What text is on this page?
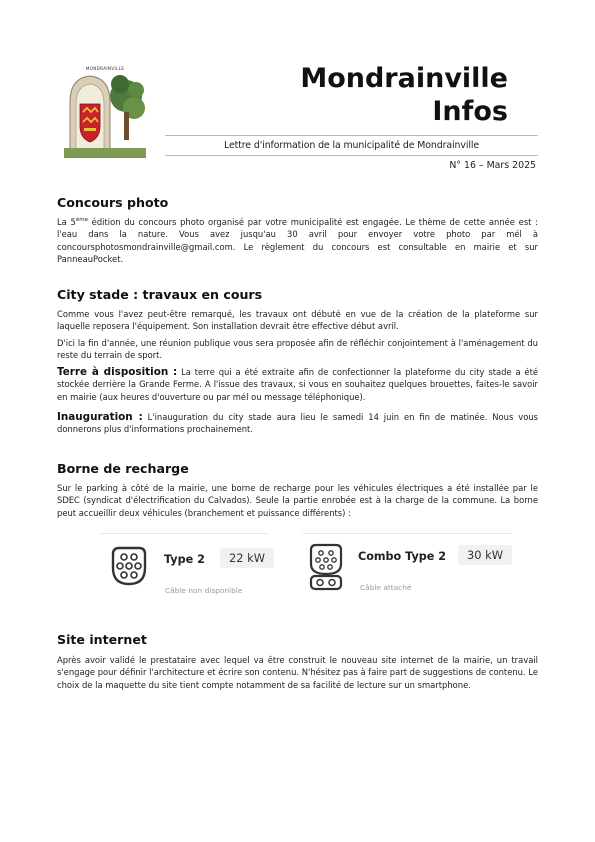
MONDRAINVILLE	Mondrainville
Infos
Lettre d'information de la municipalité de Mondrainville
N° 16 – Mars 2025
Concours photo

La 5ème édition du concours photo organisé par votre municipalité est engagée. Le thème de cette année est : l'eau dans la nature. Vous avez jusqu'au 30 avril pour envoyer votre photo par mél à concoursphotosmondrainville@gmail.com. Le règlement du concours est consultable en mairie et sur PanneauPocket.

City stade : travaux en cours

Comme vous l'avez peut-être remarqué, les travaux ont débuté en vue de la création de la plateforme sur laquelle reposera l'équipement. Son installation devrait être effective début avril.

D'ici la fin d'année, une réunion publique vous sera proposée afin de réfléchir conjointement à l'aménagement du reste du terrain de sport.

Terre à disposition : La terre qui a été extraite afin de confectionner la plateforme du city stade a été stockée derrière la Grande Ferme. A l'issue des travaux, si vous en souhaitez quelques brouettes, faites-le savoir en mairie (aux heures d'ouverture ou par mél ou message téléphonique).

Inauguration : L'inauguration du city stade aura lieu le samedi 14 juin en fin de matinée. Nous vous donnerons plus d'informations prochainement.

Borne de recharge

Sur le parking à côté de la mairie, une borne de recharge pour les véhicules électriques a été installée par le SDEC (syndicat d'électrification du Calvados). Seule la partie enrobée est à la charge de la commune. La borne peut accueillir deux véhicules (branchement et puissance différents) :

Type 2	22 kW
Câble non disponible
Combo Type 2	30 kW
Câble attaché
Site internet

Après avoir validé le prestataire avec lequel va être construit le nouveau site internet de la mairie, un travail s'engage pour définir l'architecture et écrire son contenu. N'hésitez pas à faire part de suggestions de contenu. Le choix de la maquette du site tient compte notamment de sa facilité de lecture sur un smartphone.
